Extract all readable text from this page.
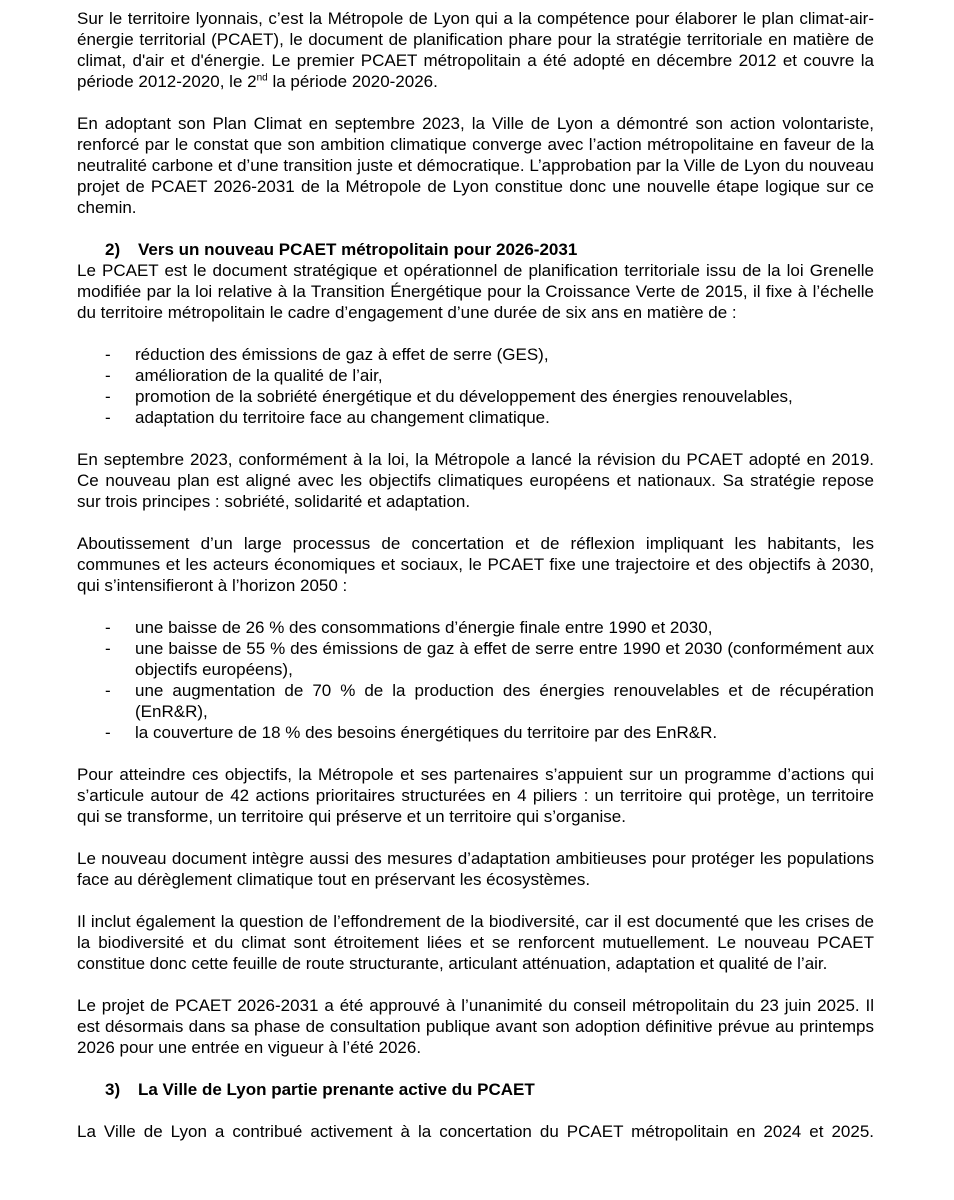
Sur le territoire lyonnais, c’est la Métropole de Lyon qui a la compétence pour élaborer le plan climat-air-énergie territorial (PCAET), le document de planification phare pour la stratégie territoriale en matière de climat, d'air et d'énergie. Le premier PCAET métropolitain a été adopté en décembre 2012 et couvre la période 2012-2020, le 2nd la période 2020-2026.

En adoptant son Plan Climat en septembre 2023, la Ville de Lyon a démontré son action volontariste, renforcé par le constat que son ambition climatique converge avec l’action métropolitaine en faveur de la neutralité carbone et d’une transition juste et démocratique. L’approbation par la Ville de Lyon du nouveau projet de PCAET 2026-2031 de la Métropole de Lyon constitue donc une nouvelle étape logique sur ce chemin.

2) Vers un nouveau PCAET métropolitain pour 2026-2031

Le PCAET est le document stratégique et opérationnel de planification territoriale issu de la loi Grenelle modifiée par la loi relative à la Transition Énergétique pour la Croissance Verte de 2015, il fixe à l’échelle du territoire métropolitain le cadre d’engagement d’une durée de six ans en matière de :

- réduction des émissions de gaz à effet de serre (GES),
- amélioration de la qualité de l’air,
- promotion de la sobriété énergétique et du développement des énergies renouvelables,
- adaptation du territoire face au changement climatique.

En septembre 2023, conformément à la loi, la Métropole a lancé la révision du PCAET adopté en 2019. Ce nouveau plan est aligné avec les objectifs climatiques européens et nationaux. Sa stratégie repose sur trois principes : sobriété, solidarité et adaptation.

Aboutissement d’un large processus de concertation et de réflexion impliquant les habitants, les communes et les acteurs économiques et sociaux, le PCAET fixe une trajectoire et des objectifs à 2030, qui s’intensifieront à l’horizon 2050 :

- une baisse de 26 % des consommations d’énergie finale entre 1990 et 2030,
- une baisse de 55 % des émissions de gaz à effet de serre entre 1990 et 2030 (conformément aux objectifs européens),
- une augmentation de 70 % de la production des énergies renouvelables et de récupération (EnR&R),
- la couverture de 18 % des besoins énergétiques du territoire par des EnR&R.

Pour atteindre ces objectifs, la Métropole et ses partenaires s’appuient sur un programme d’actions qui s’articule autour de 42 actions prioritaires structurées en 4 piliers : un territoire qui protège, un territoire qui se transforme, un territoire qui préserve et un territoire qui s’organise.

Le nouveau document intègre aussi des mesures d’adaptation ambitieuses pour protéger les populations face au dérèglement climatique tout en préservant les écosystèmes.

Il inclut également la question de l’effondrement de la biodiversité, car il est documenté que les crises de la biodiversité et du climat sont étroitement liées et se renforcent mutuellement. Le nouveau PCAET constitue donc cette feuille de route structurante, articulant atténuation, adaptation et qualité de l’air.

Le projet de PCAET 2026-2031 a été approuvé à l’unanimité du conseil métropolitain du 23 juin 2025. Il est désormais dans sa phase de consultation publique avant son adoption définitive prévue au printemps 2026 pour une entrée en vigueur à l’été 2026.

3) La Ville de Lyon partie prenante active du PCAET

La Ville de Lyon a contribué activement à la concertation du PCAET métropolitain en 2024 et 2025.
